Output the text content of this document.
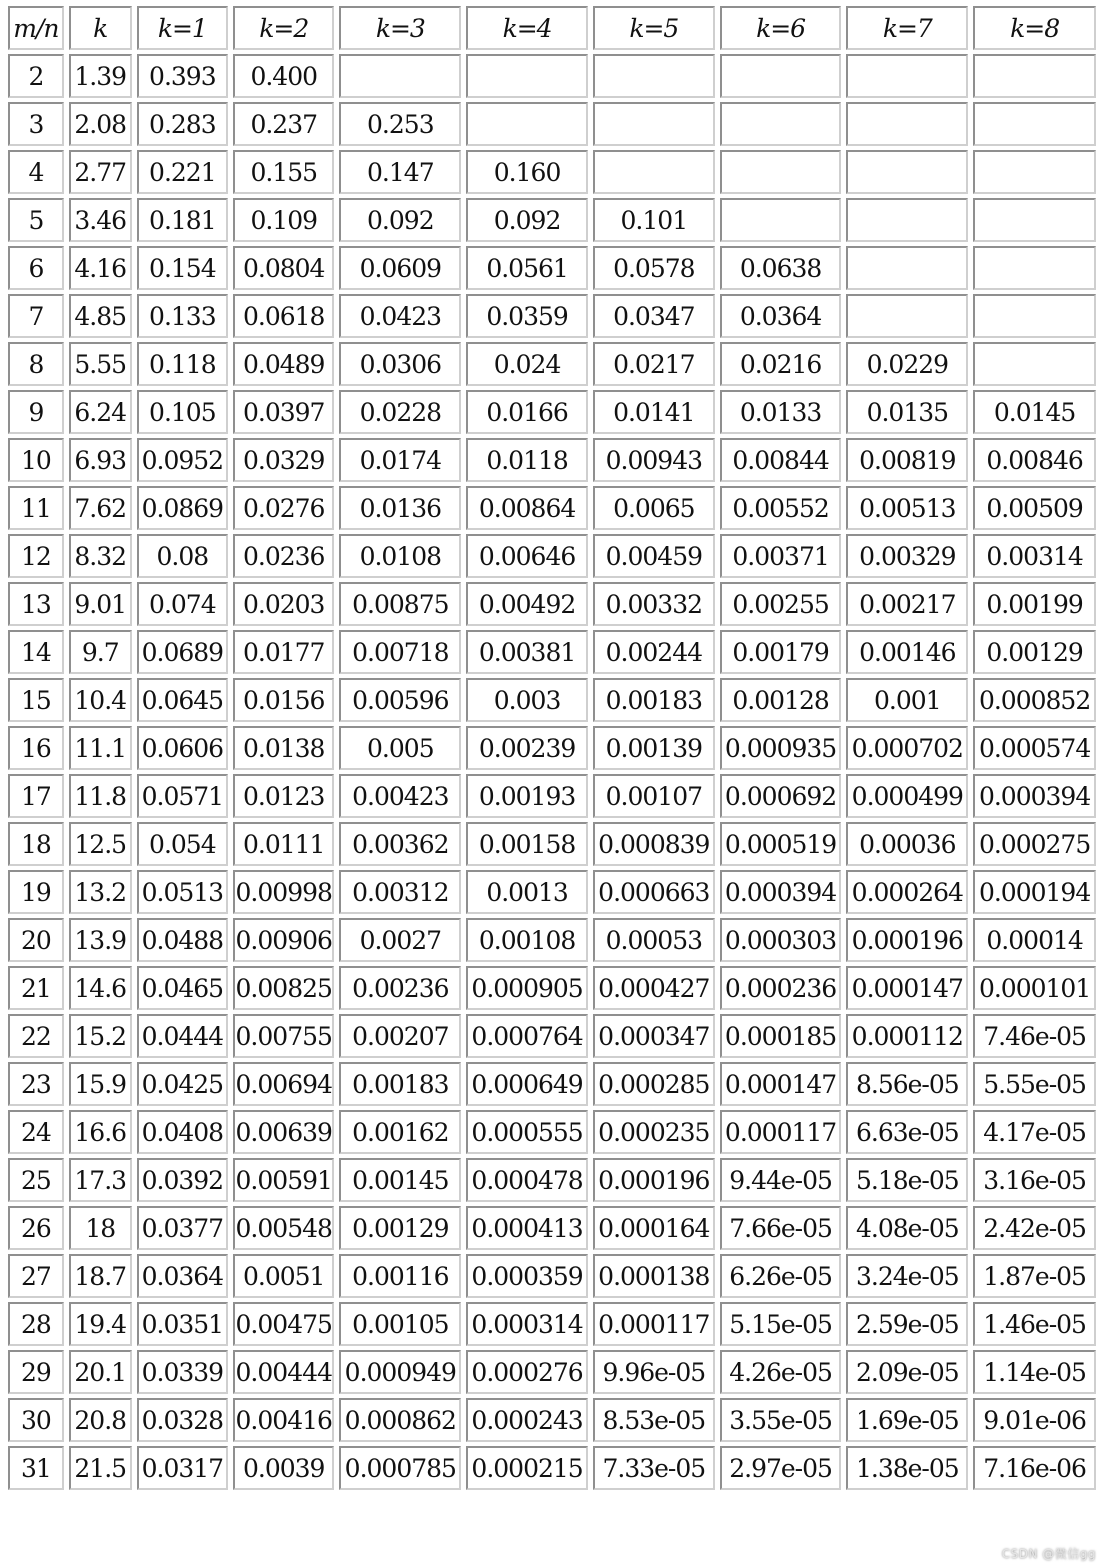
m/n	k	k=1	k=2	k=3	k=4	k=5	k=6	k=7	k=8
2	1.39	0.393	0.400						
3	2.08	0.283	0.237	0.253					
4	2.77	0.221	0.155	0.147	0.160				
5	3.46	0.181	0.109	0.092	0.092	0.101			
6	4.16	0.154	0.0804	0.0609	0.0561	0.0578	0.0638		
7	4.85	0.133	0.0618	0.0423	0.0359	0.0347	0.0364		
8	5.55	0.118	0.0489	0.0306	0.024	0.0217	0.0216	0.0229	
9	6.24	0.105	0.0397	0.0228	0.0166	0.0141	0.0133	0.0135	0.0145
10	6.93	0.0952	0.0329	0.0174	0.0118	0.00943	0.00844	0.00819	0.00846
11	7.62	0.0869	0.0276	0.0136	0.00864	0.0065	0.00552	0.00513	0.00509
12	8.32	0.08	0.0236	0.0108	0.00646	0.00459	0.00371	0.00329	0.00314
13	9.01	0.074	0.0203	0.00875	0.00492	0.00332	0.00255	0.00217	0.00199
14	9.7	0.0689	0.0177	0.00718	0.00381	0.00244	0.00179	0.00146	0.00129
15	10.4	0.0645	0.0156	0.00596	0.003	0.00183	0.00128	0.001	0.000852
16	11.1	0.0606	0.0138	0.005	0.00239	0.00139	0.000935	0.000702	0.000574
17	11.8	0.0571	0.0123	0.00423	0.00193	0.00107	0.000692	0.000499	0.000394
18	12.5	0.054	0.0111	0.00362	0.00158	0.000839	0.000519	0.00036	0.000275
19	13.2	0.0513	0.00998	0.00312	0.0013	0.000663	0.000394	0.000264	0.000194
20	13.9	0.0488	0.00906	0.0027	0.00108	0.00053	0.000303	0.000196	0.00014
21	14.6	0.0465	0.00825	0.00236	0.000905	0.000427	0.000236	0.000147	0.000101
22	15.2	0.0444	0.00755	0.00207	0.000764	0.000347	0.000185	0.000112	7.46e-05
23	15.9	0.0425	0.00694	0.00183	0.000649	0.000285	0.000147	8.56e-05	5.55e-05
24	16.6	0.0408	0.00639	0.00162	0.000555	0.000235	0.000117	6.63e-05	4.17e-05
25	17.3	0.0392	0.00591	0.00145	0.000478	0.000196	9.44e-05	5.18e-05	3.16e-05
26	18	0.0377	0.00548	0.00129	0.000413	0.000164	7.66e-05	4.08e-05	2.42e-05
27	18.7	0.0364	0.0051	0.00116	0.000359	0.000138	6.26e-05	3.24e-05	1.87e-05
28	19.4	0.0351	0.00475	0.00105	0.000314	0.000117	5.15e-05	2.59e-05	1.46e-05
29	20.1	0.0339	0.00444	0.000949	0.000276	9.96e-05	4.26e-05	2.09e-05	1.14e-05
30	20.8	0.0328	0.00416	0.000862	0.000243	8.53e-05	3.55e-05	1.69e-05	9.01e-06
31	21.5	0.0317	0.0039	0.000785	0.000215	7.33e-05	2.97e-05	1.38e-05	7.16e-06
CSDN @微信gg
